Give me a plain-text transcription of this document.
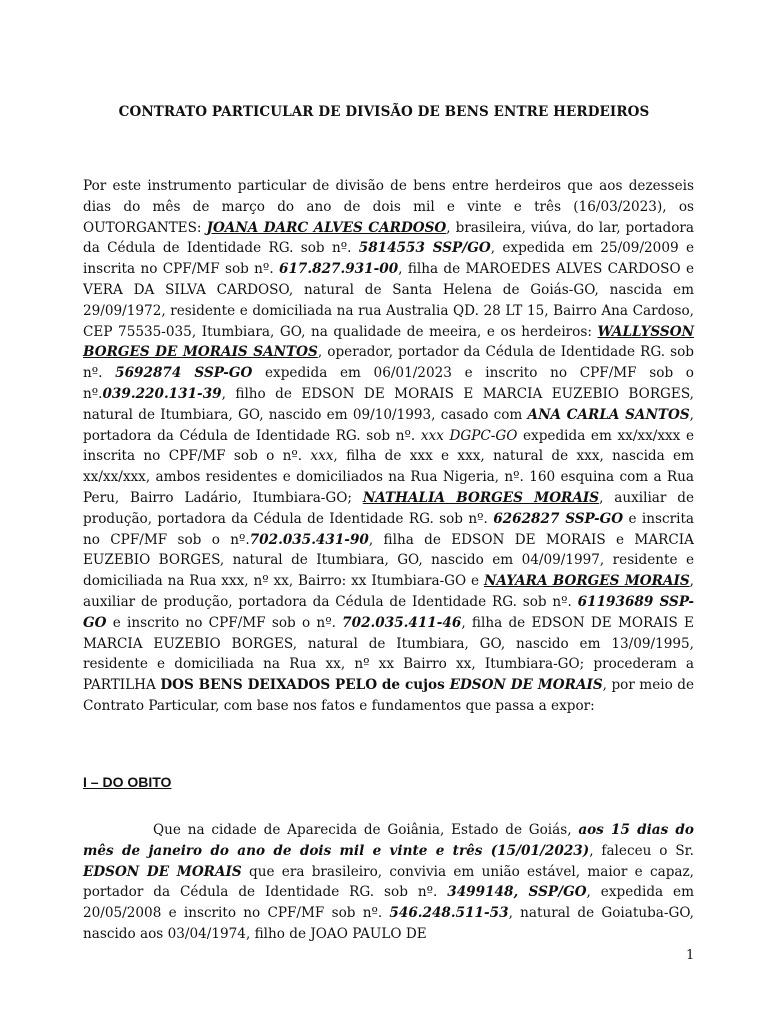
CONTRATO PARTICULAR DE DIVISÃO DE BENS ENTRE HERDEIROS

Por este instrumento particular de divisão de bens entre herdeiros que aos dezesseis dias do mês de março do ano de dois mil e vinte e três (16/03/2023), os OUTORGANTES: JOANA DARC ALVES CARDOSO, brasileira, viúva, do lar, portadora da Cédula de Identidade RG. sob nº. 5814553 SSP/GO, expedida em 25/09/2009 e inscrita no CPF/MF sob nº. 617.827.931-00, filha de MAROEDES ALVES CARDOSO e VERA DA SILVA CARDOSO, natural de Santa Helena de Goiás-GO, nascida em 29/09/1972, residente e domiciliada na rua Australia QD. 28 LT 15, Bairro Ana Cardoso, CEP 75535-035, Itumbiara, GO, na qualidade de meeira, e os herdeiros: WALLYSSON BORGES DE MORAIS SANTOS, operador, portador da Cédula de Identidade RG. sob nº. 5692874 SSP-GO expedida em 06/01/2023 e inscrito no CPF/MF sob o nº.039.220.131-39, filho de EDSON DE MORAIS E MARCIA EUZEBIO BORGES, natural de Itumbiara, GO, nascido em 09/10/1993, casado com ANA CARLA SANTOS, portadora da Cédula de Identidade RG. sob nº. xxx DGPC-GO expedida em xx/xx/xxx e inscrita no CPF/MF sob o nº. xxx, filha de xxx e xxx, natural de xxx, nascida em xx/xx/xxx, ambos residentes e domiciliados na Rua Nigeria, nº. 160 esquina com a Rua Peru, Bairro Ladário, Itumbiara-GO; NATHALIA BORGES MORAIS, auxiliar de produção, portadora da Cédula de Identidade RG. sob nº. 6262827 SSP-GO e inscrita no CPF/MF sob o nº.702.035.431-90, filha de EDSON DE MORAIS e MARCIA EUZEBIO BORGES, natural de Itumbiara, GO, nascido em 04/09/1997, residente e domiciliada na Rua xxx, nº xx, Bairro: xx Itumbiara-GO e NAYARA BORGES MORAIS, auxiliar de produção, portadora da Cédula de Identidade RG. sob nº. 61193689 SSP-GO e inscrito no CPF/MF sob o nº. 702.035.411-46, filha de EDSON DE MORAIS E MARCIA EUZEBIO BORGES, natural de Itumbiara, GO, nascido em 13/09/1995, residente e domiciliada na Rua xx, nº xx Bairro xx, Itumbiara-GO; procederam a PARTILHA DOS BENS DEIXADOS PELO de cujos EDSON DE MORAIS, por meio de Contrato Particular, com base nos fatos e fundamentos que passa a expor:

I – DO OBITO

Que na cidade de Aparecida de Goiânia, Estado de Goiás, aos 15 dias do mês de janeiro do ano de dois mil e vinte e três (15/01/2023), faleceu o Sr. EDSON DE MORAIS que era brasileiro, convivia em união estável, maior e capaz, portador da Cédula de Identidade RG. sob nº. 3499148, SSP/GO, expedida em 20/05/2008 e inscrito no CPF/MF sob nº. 546.248.511-53, natural de Goiatuba-GO, nascido aos 03/04/1974, filho de JOAO PAULO DE

1
